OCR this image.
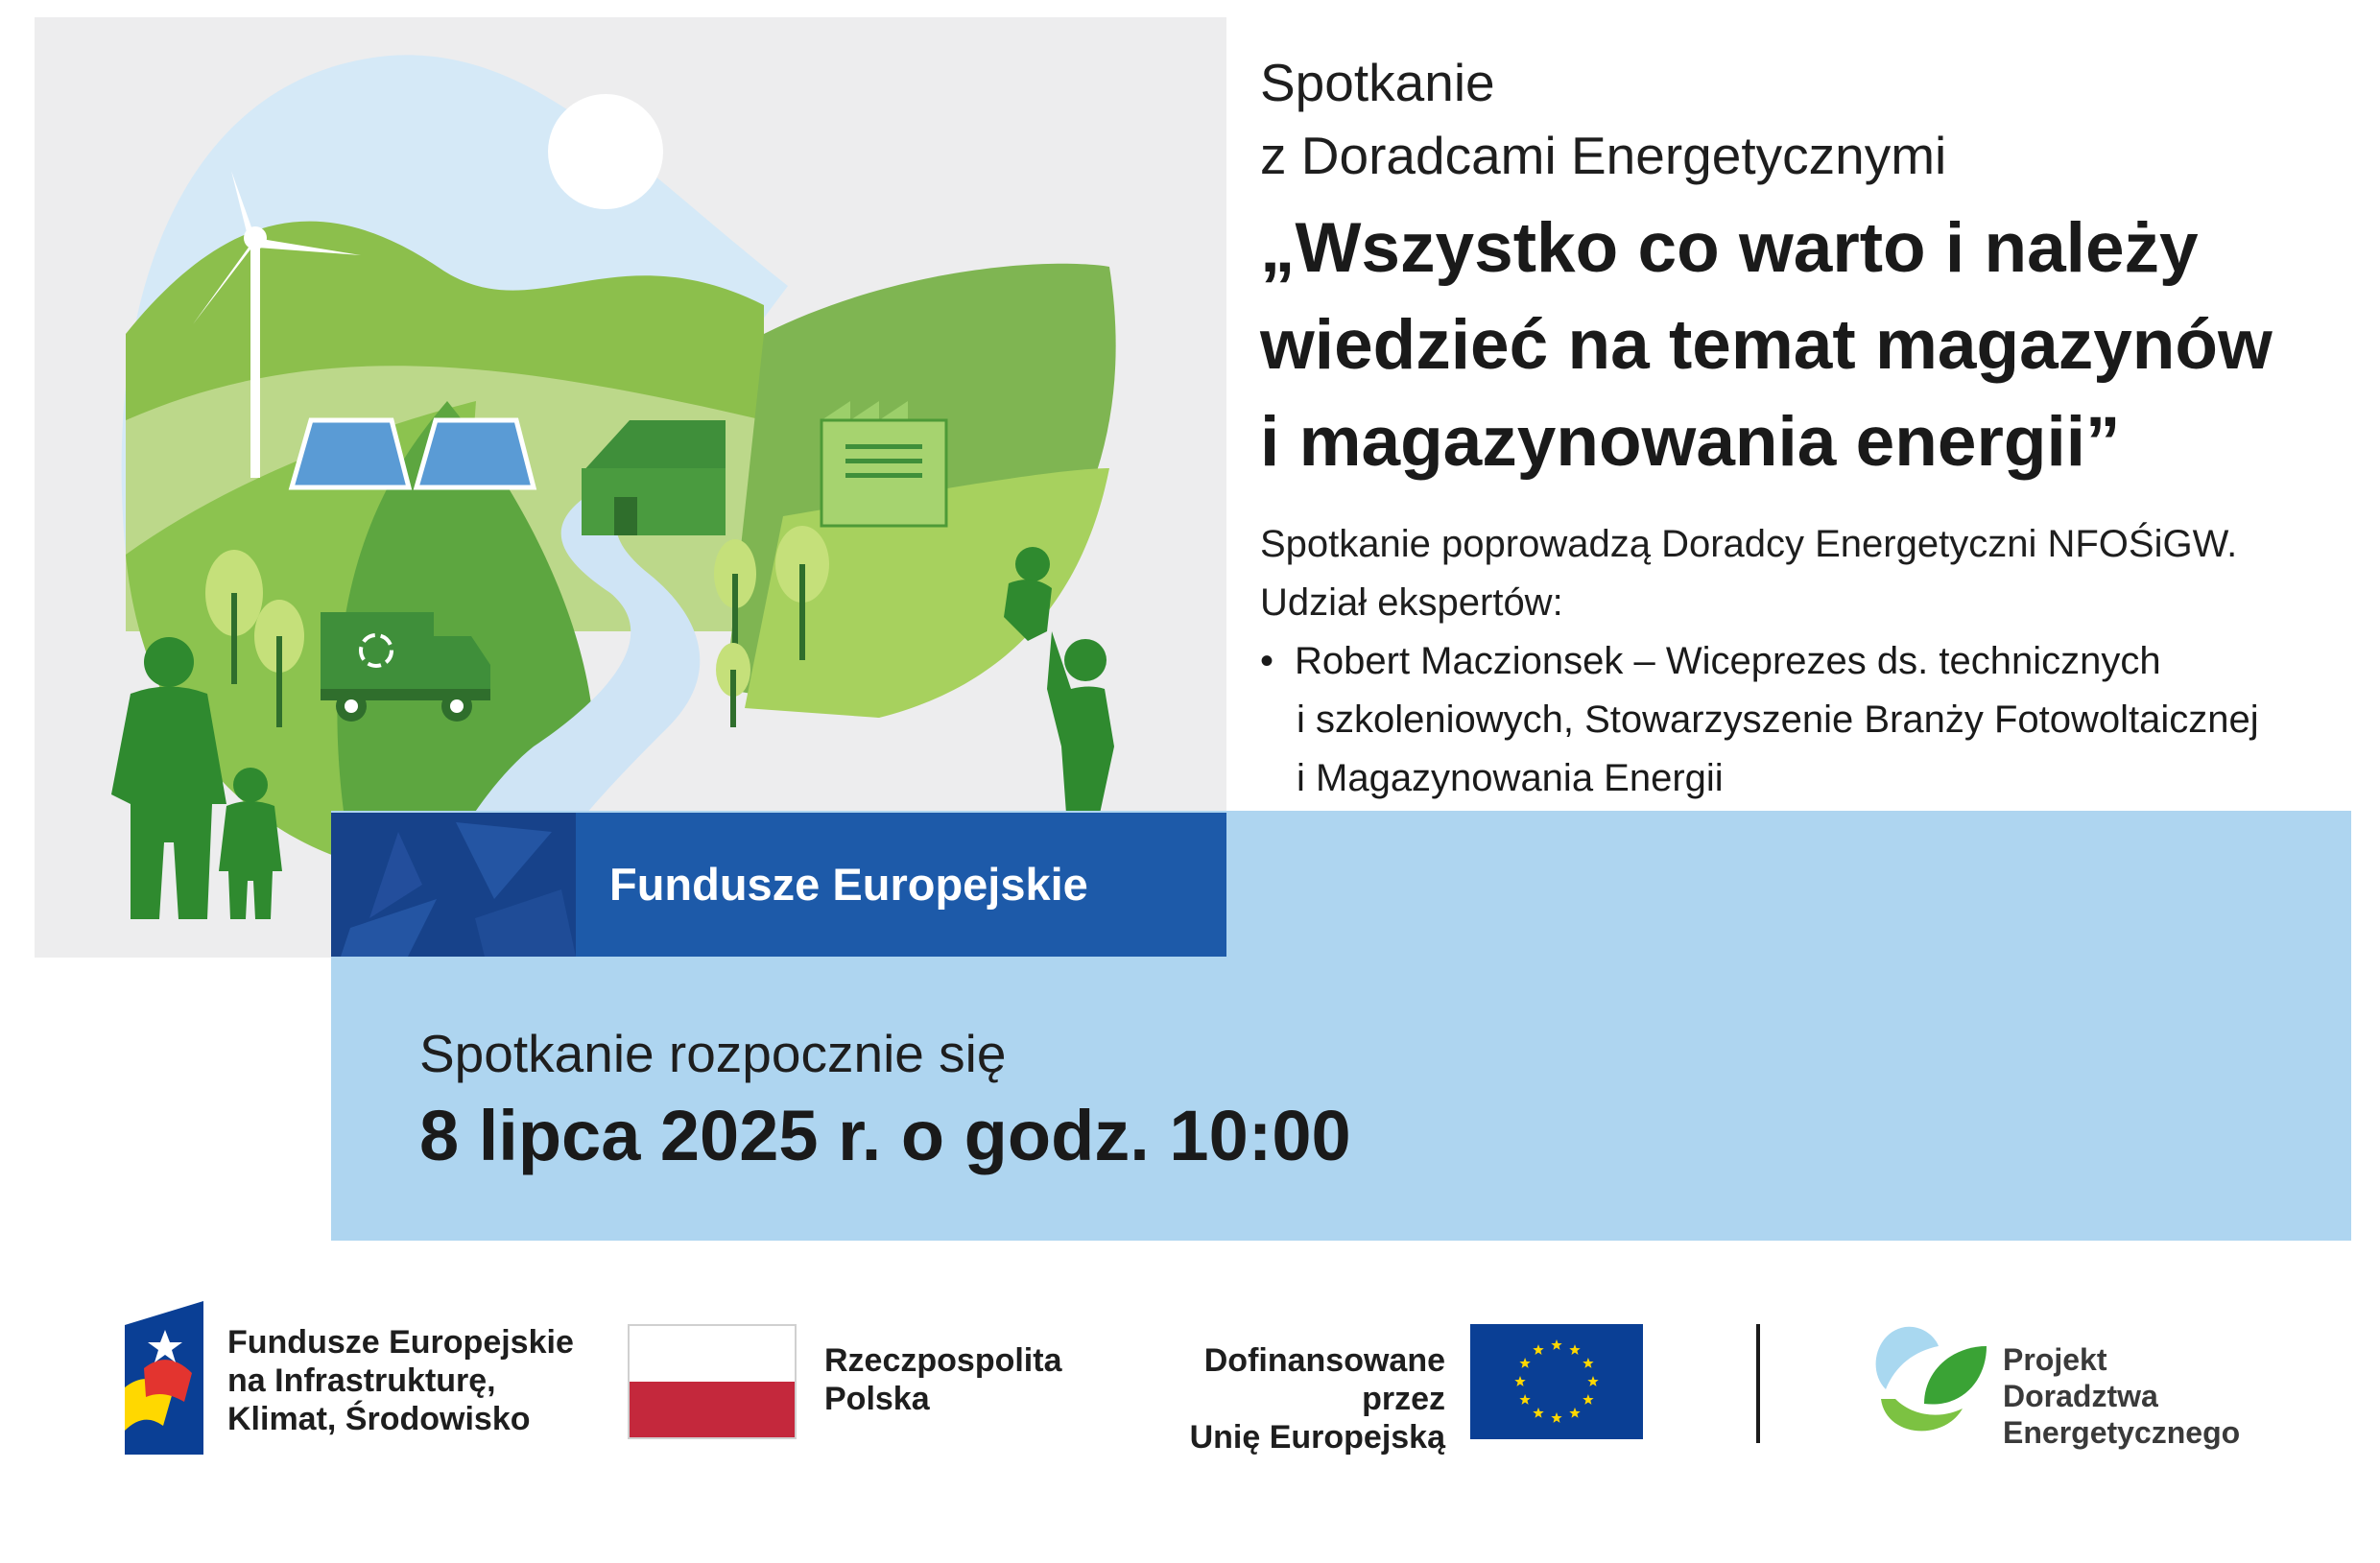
Spotkanie
z Doradcami Energetycznymi
„Wszystko co warto i należy
wiedzieć na temat magazynów
i magazynowania energii”
Spotkanie poprowadzą Doradcy Energetyczni NFOŚiGW.
Udział ekspertów:
• Robert Maczionsek – Wiceprezes ds. technicznych
i szkoleniowych, Stowarzyszenie Branży Fotowoltaicznej
i Magazynowania Energii
Fundusze Europejskie
Spotkanie rozpocznie się
8 lipca 2025 r. o godz. 10:00
Fundusze Europejskie
na Infrastrukturę,
Klimat, Środowisko
Rzeczpospolita
Polska
Dofinansowane przez
Unię Europejską
Projekt
Doradztwa Energetycznego
